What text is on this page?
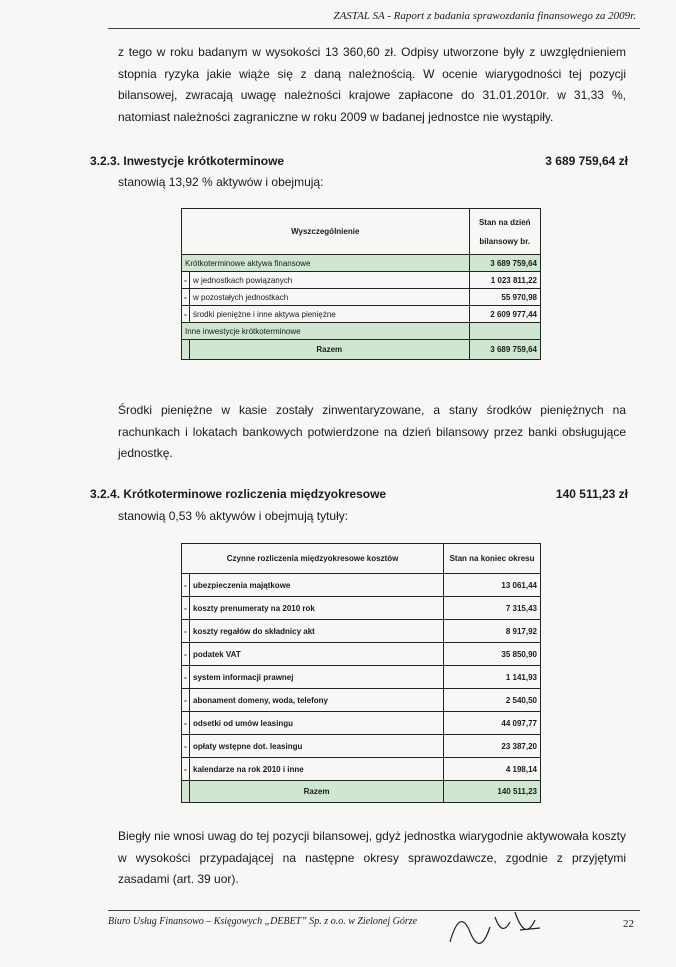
ZASTAL SA - Raport z badania sprawozdania finansowego za 2009r.
z tego w roku badanym w wysokości 13 360,60 zł. Odpisy utworzone były z uwzględnieniem stopnia ryzyka jakie wiąże się z daną należnością. W ocenie wiarygodności tej pozycji bilansowej, zwracają uwagę należności krajowe zapłacone do 31.01.2010r. w 31,33 %, natomiast należności zagraniczne w roku 2009 w badanej jednostce nie wystąpiły.
3.2.3. Inwestycje krótkoterminowe	3 689 759,64 zł
stanowią 13,92 % aktywów i obejmują:
Wyszczególnienie		Stan na dzień
bilansowy br.

Krótkoterminowe aktywa finansowe		3 689 759,64
-	w jednostkach powiązanych	1 023 811,22
-	w pozostałych jednostkach	55 970,98
-	środki pieniężne i inne aktywa pieniężne	2 609 977,44
Inne inwestycje krótkoterminowe		
	Razem	3 689 759,64
Środki pieniężne w kasie zostały zinwentaryzowane, a stany środków pieniężnych na rachunkach i lokatach bankowych potwierdzone na dzień bilansowy przez banki obsługujące jednostkę.
3.2.4. Krótkoterminowe rozliczenia międzyokresowe	140 511,23 zł
stanowią 0,53 % aktywów i obejmują tytuły:
Czynne rozliczenia międzyokresowe kosztów		Stan na koniec okresu
-	ubezpieczenia majątkowe	13 061,44
-	koszty prenumeraty na 2010 rok	7 315,43
-	koszty regałów do składnicy akt	8 917,92
-	podatek VAT	35 850,90
-	system informacji prawnej	1 141,93
-	abonament domeny, woda, telefony	2 540,50
-	odsetki od umów leasingu	44 097,77
-	opłaty wstępne dot. leasingu	23 387,20
-	kalendarze na rok 2010 i inne	4 198,14
	Razem	140 511,23
Biegły nie wnosi uwag do tej pozycji bilansowej, gdyż jednostka wiarygodnie aktywowała koszty w wysokości przypadającej na następne okresy sprawozdawcze, zgodnie z przyjętymi zasadami (art. 39 uor).
Biuro Usług Finansowo – Księgowych „DEBET” Sp. z o.o. w Zielonej Górze	22
